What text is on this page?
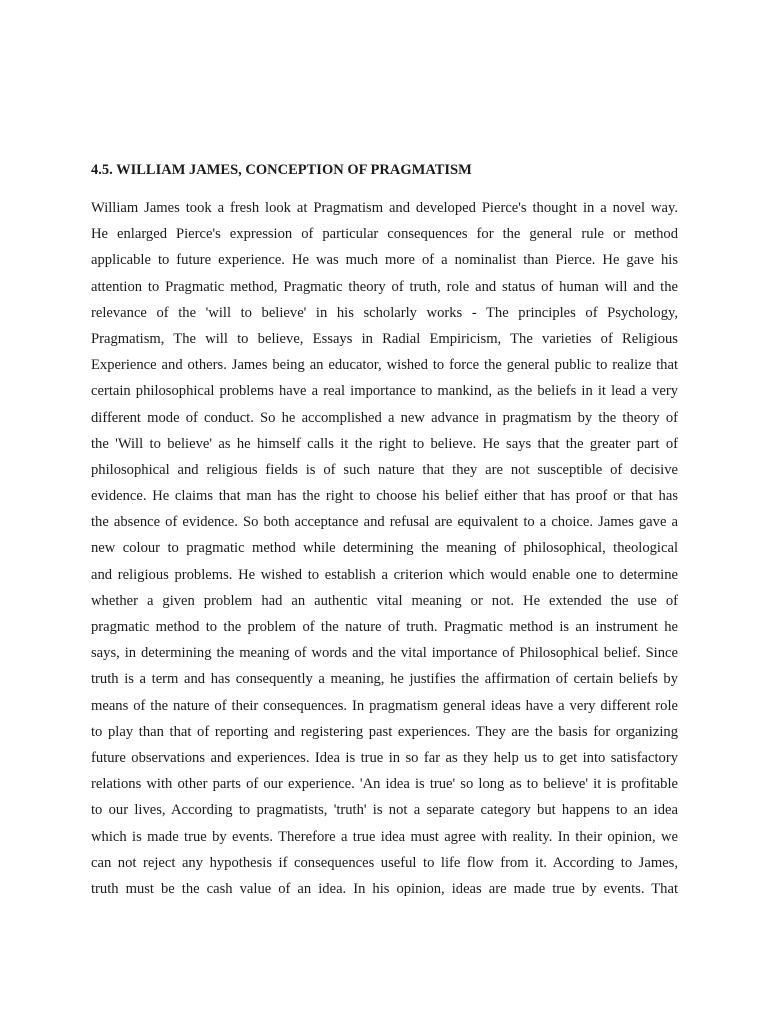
4.5. WILLIAM JAMES, CONCEPTION OF PRAGMATISM
William James took a fresh look at Pragmatism and developed Pierce's thought in a novel way.
He enlarged Pierce's expression of particular consequences for the general rule or method
applicable to future experience. He was much more of a nominalist than Pierce. He gave his
attention to Pragmatic method, Pragmatic theory of truth, role and status of human will and the
relevance of the 'will to believe' in his scholarly works - The principles of Psychology,
Pragmatism, The will to believe, Essays in Radial Empiricism, The varieties of Religious
Experience and others. James being an educator, wished to force the general public to realize that
certain philosophical problems have a real importance to mankind, as the beliefs in it lead a very
different mode of conduct. So he accomplished a new advance in pragmatism by the theory of
the 'Will to believe' as he himself calls it the right to believe. He says that the greater part of
philosophical and religious fields is of such nature that they are not susceptible of decisive
evidence. He claims that man has the right to choose his belief either that has proof or that has
the absence of evidence. So both acceptance and refusal are equivalent to a choice. James gave a
new colour to pragmatic method while determining the meaning of philosophical, theological
and religious problems. He wished to establish a criterion which would enable one to determine
whether a given problem had an authentic vital meaning or not. He extended the use of
pragmatic method to the problem of the nature of truth. Pragmatic method is an instrument he
says, in determining the meaning of words and the vital importance of Philosophical belief. Since
truth is a term and has consequently a meaning, he justifies the affirmation of certain beliefs by
means of the nature of their consequences. In pragmatism general ideas have a very different role
to play than that of reporting and registering past experiences. They are the basis for organizing
future observations and experiences. Idea is true in so far as they help us to get into satisfactory
relations with other parts of our experience. 'An idea is true' so long as to believe' it is profitable
to our lives, According to pragmatists, 'truth' is not a separate category but happens to an idea
which is made true by events. Therefore a true idea must agree with reality. In their opinion, we
can not reject any hypothesis if consequences useful to life flow from it. According to James,
truth must be the cash value of an idea. In his opinion, ideas are made true by events. That
